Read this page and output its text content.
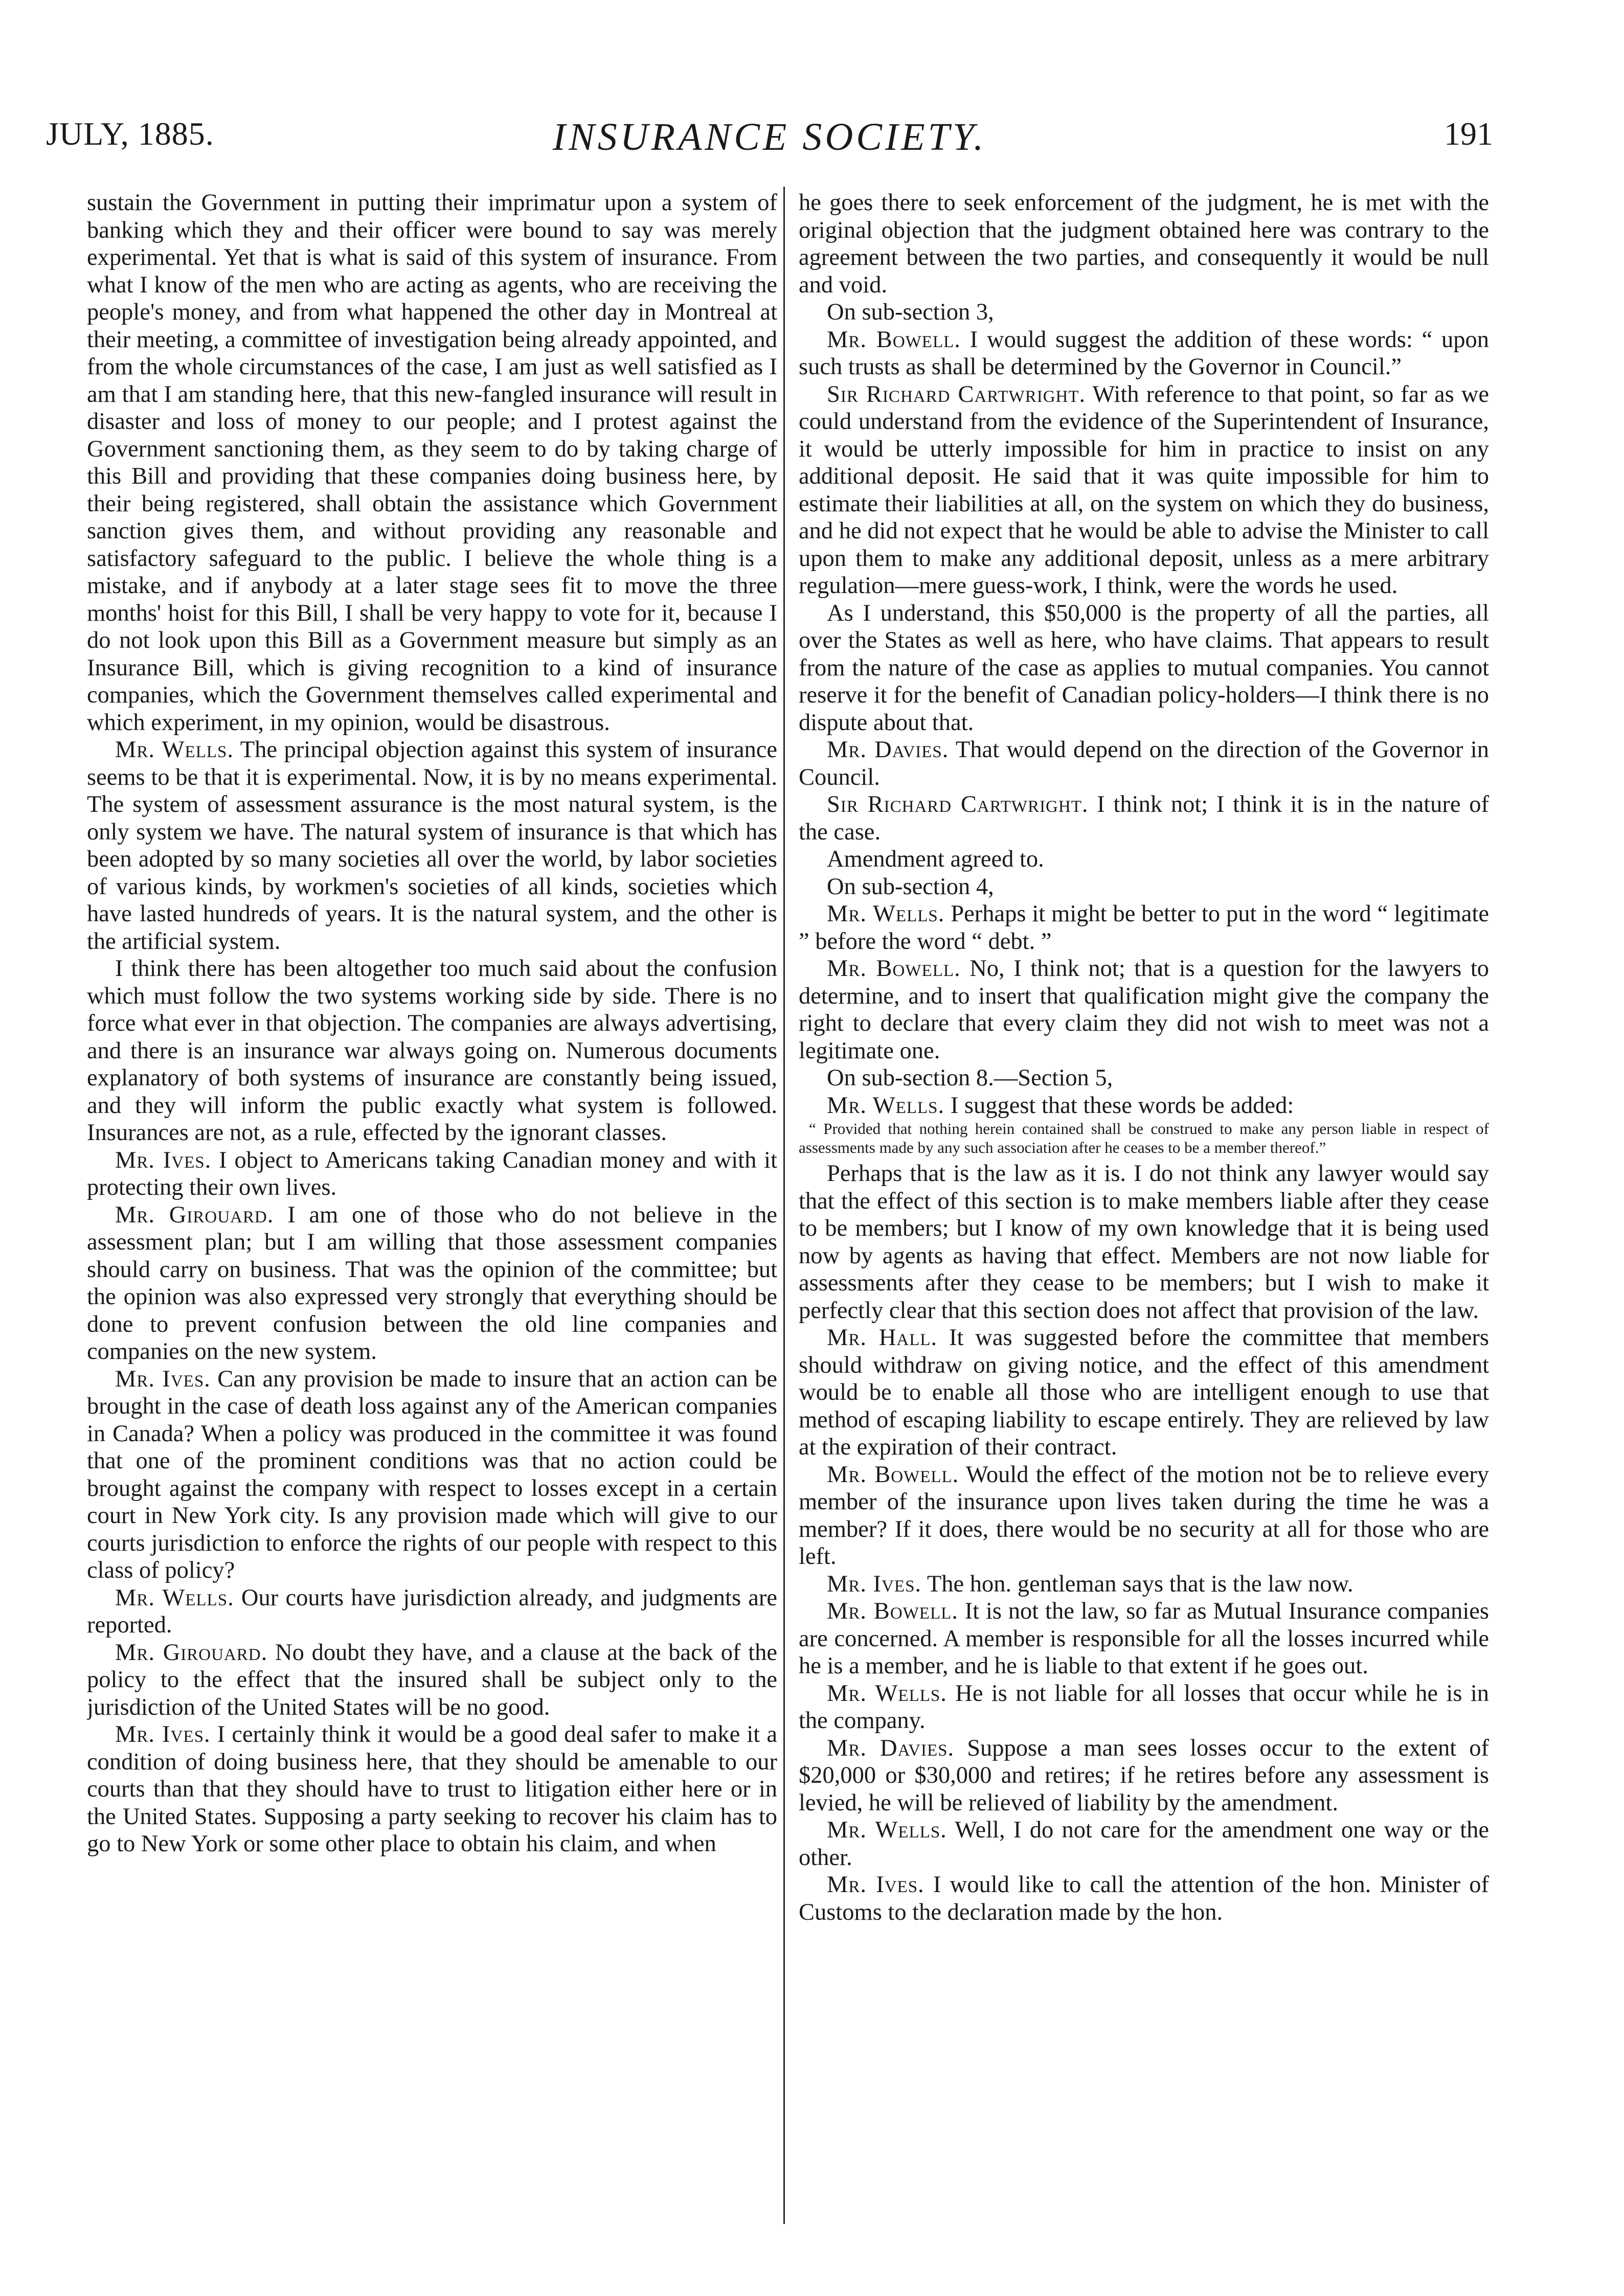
JULY, 1885.	INSURANCE SOCIETY.	191

sustain the Government in putting their imprimatur upon a system of banking which they and their officer were bound to say was merely experimental. Yet that is what is said of this system of insurance. From what I know of the men who are acting as agents, who are receiving the people's money, and from what happened the other day in Montreal at their meeting, a committee of investigation being already appointed, and from the whole circumstances of the case, I am just as well satisfied as I am that I am standing here, that this new-fangled insurance will result in disaster and loss of money to our people; and I protest against the Government sanctioning them, as they seem to do by taking charge of this Bill and providing that these companies doing business here, by their being registered, shall obtain the assistance which Government sanction gives them, and without providing any reasonable and satisfactory safeguard to the public. I believe the whole thing is a mistake, and if anybody at a later stage sees fit to move the three months' hoist for this Bill, I shall be very happy to vote for it, because I do not look upon this Bill as a Government measure but simply as an Insurance Bill, which is giving recognition to a kind of insurance companies, which the Government themselves called experimental and which experiment, in my opinion, would be disastrous.

Mr. Wells. The principal objection against this system of insurance seems to be that it is experimental. Now, it is by no means experimental. The system of assessment assurance is the most natural system, is the only system we have. The natural system of insurance is that which has been adopted by so many societies all over the world, by labor societies of various kinds, by workmen's societies of all kinds, societies which have lasted hundreds of years. It is the natural system, and the other is the artificial system.

I think there has been altogether too much said about the confusion which must follow the two systems working side by side. There is no force what ever in that objection. The companies are always advertising, and there is an insurance war always going on. Numerous documents explanatory of both systems of insurance are constantly being issued, and they will inform the public exactly what system is followed. Insurances are not, as a rule, effected by the ignorant classes.

Mr. Ives. I object to Americans taking Canadian money and with it protecting their own lives.

Mr. Girouard. I am one of those who do not believe in the assessment plan; but I am willing that those assessment companies should carry on business. That was the opinion of the committee; but the opinion was also expressed very strongly that everything should be done to prevent confusion between the old line companies and companies on the new system.

Mr. Ives. Can any provision be made to insure that an action can be brought in the case of death loss against any of the American companies in Canada? When a policy was produced in the committee it was found that one of the prominent conditions was that no action could be brought against the company with respect to losses except in a certain court in New York city. Is any provision made which will give to our courts jurisdiction to enforce the rights of our people with respect to this class of policy?

Mr. Wells. Our courts have jurisdiction already, and judgments are reported.

Mr. Girouard. No doubt they have, and a clause at the back of the policy to the effect that the insured shall be subject only to the jurisdiction of the United States will be no good.

Mr. Ives. I certainly think it would be a good deal safer to make it a condition of doing business here, that they should be amenable to our courts than that they should have to trust to litigation either here or in the United States. Supposing a party seeking to recover his claim has to go to New York or some other place to obtain his claim, and when

he goes there to seek enforcement of the judgment, he is met with the original objection that the judgment obtained here was contrary to the agreement between the two parties, and consequently it would be null and void.

On sub-section 3,

Mr. Bowell. I would suggest the addition of these words: “ upon such trusts as shall be determined by the Governor in Council.”

Sir Richard Cartwright. With reference to that point, so far as we could understand from the evidence of the Superintendent of Insurance, it would be utterly impossible for him in practice to insist on any additional deposit. He said that it was quite impossible for him to estimate their liabilities at all, on the system on which they do business, and he did not expect that he would be able to advise the Minister to call upon them to make any additional deposit, unless as a mere arbitrary regulation—mere guess-work, I think, were the words he used.

As I understand, this $50,000 is the property of all the parties, all over the States as well as here, who have claims. That appears to result from the nature of the case as applies to mutual companies. You cannot reserve it for the benefit of Canadian policy-holders—I think there is no dispute about that.

Mr. Davies. That would depend on the direction of the Governor in Council.

Sir Richard Cartwright. I think not; I think it is in the nature of the case.

Amendment agreed to.

On sub-section 4,

Mr. Wells. Perhaps it might be better to put in the word “ legitimate ” before the word “ debt. ”

Mr. Bowell. No, I think not; that is a question for the lawyers to determine, and to insert that qualification might give the company the right to declare that every claim they did not wish to meet was not a legitimate one.

On sub-section 8.—Section 5,

Mr. Wells. I suggest that these words be added:

“ Provided that nothing herein contained shall be construed to make any person liable in respect of assessments made by any such association after he ceases to be a member thereof.”

Perhaps that is the law as it is. I do not think any lawyer would say that the effect of this section is to make members liable after they cease to be members; but I know of my own knowledge that it is being used now by agents as having that effect. Members are not now liable for assessments after they cease to be members; but I wish to make it perfectly clear that this section does not affect that provision of the law.

Mr. Hall. It was suggested before the committee that members should withdraw on giving notice, and the effect of this amendment would be to enable all those who are intelligent enough to use that method of escaping liability to escape entirely. They are relieved by law at the expiration of their contract.

Mr. Bowell. Would the effect of the motion not be to relieve every member of the insurance upon lives taken during the time he was a member? If it does, there would be no security at all for those who are left.

Mr. Ives. The hon. gentleman says that is the law now.

Mr. Bowell. It is not the law, so far as Mutual Insurance companies are concerned. A member is responsible for all the losses incurred while he is a member, and he is liable to that extent if he goes out.

Mr. Wells. He is not liable for all losses that occur while he is in the company.

Mr. Davies. Suppose a man sees losses occur to the extent of $20,000 or $30,000 and retires; if he retires before any assessment is levied, he will be relieved of liability by the amendment.

Mr. Wells. Well, I do not care for the amendment one way or the other.

Mr. Ives. I would like to call the attention of the hon. Minister of Customs to the declaration made by the hon.
